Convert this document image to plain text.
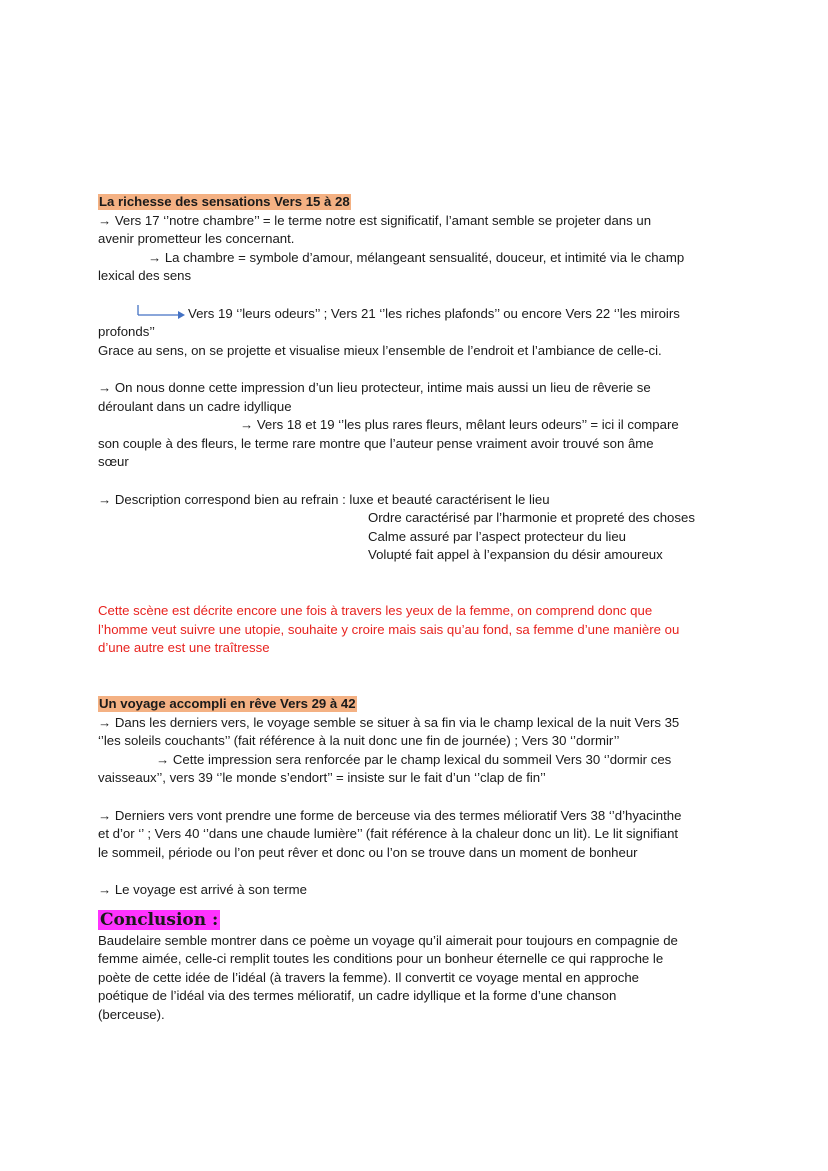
La richesse des sensations Vers 15 à 28
→ Vers 17 ‘’notre chambre’’ = le terme notre est significatif, l’amant semble se projeter dans un
avenir prometteur les concernant.
→ La chambre = symbole d’amour, mélangeant sensualité, douceur, et intimité via le champ
lexical des sens
Vers 19 ‘’leurs odeurs’’ ; Vers 21 ‘’les riches plafonds’’ ou encore Vers 22 ‘’les miroirs
profonds’’
Grace au sens, on se projette et visualise mieux l’ensemble de l’endroit et l’ambiance de celle-ci.
→ On nous donne cette impression d’un lieu protecteur, intime mais aussi un lieu de rêverie se
déroulant dans un cadre idyllique
→ Vers 18 et 19 ‘’les plus rares fleurs, mêlant leurs odeurs’’ = ici il compare
son couple à des fleurs, le terme rare montre que l’auteur pense vraiment avoir trouvé son âme
sœur
→ Description correspond bien au refrain : luxe et beauté caractérisent le lieu
Ordre caractérisé par l’harmonie et propreté des choses
Calme assuré par l’aspect protecteur du lieu
Volupté fait appel à l’expansion du désir amoureux
Cette scène est décrite encore une fois à travers les yeux de la femme, on comprend donc que
l’homme veut suivre une utopie, souhaite y croire mais sais qu’au fond, sa femme d’une manière ou
d’une autre est une traîtresse
Un voyage accompli en rêve Vers 29 à 42
→ Dans les derniers vers, le voyage semble se situer à sa fin via le champ lexical de la nuit Vers 35
‘’les soleils couchants’’ (fait référence à la nuit donc une fin de journée) ; Vers 30 ‘’dormir’’
→ Cette impression sera renforcée par le champ lexical du sommeil Vers 30 ‘’dormir ces
vaisseaux’’, vers 39 ‘’le monde s’endort’’ = insiste sur le fait d’un ‘’clap de fin’’
→ Derniers vers vont prendre une forme de berceuse via des termes mélioratif Vers 38 ‘’d’hyacinthe
et d’or ‘’ ; Vers 40 ‘’dans une chaude lumière’’ (fait référence à la chaleur donc un lit). Le lit signifiant
le sommeil, période ou l’on peut rêver et donc ou l’on se trouve dans un moment de bonheur
→ Le voyage est arrivé à son terme
Conclusion :
Baudelaire semble montrer dans ce poème un voyage qu’il aimerait pour toujours en compagnie de
femme aimée, celle-ci remplit toutes les conditions pour un bonheur éternelle ce qui rapproche le
poète de cette idée de l’idéal (à travers la femme). Il convertit ce voyage mental en approche
poétique de l’idéal via des termes mélioratif, un cadre idyllique et la forme d’une chanson
(berceuse).
